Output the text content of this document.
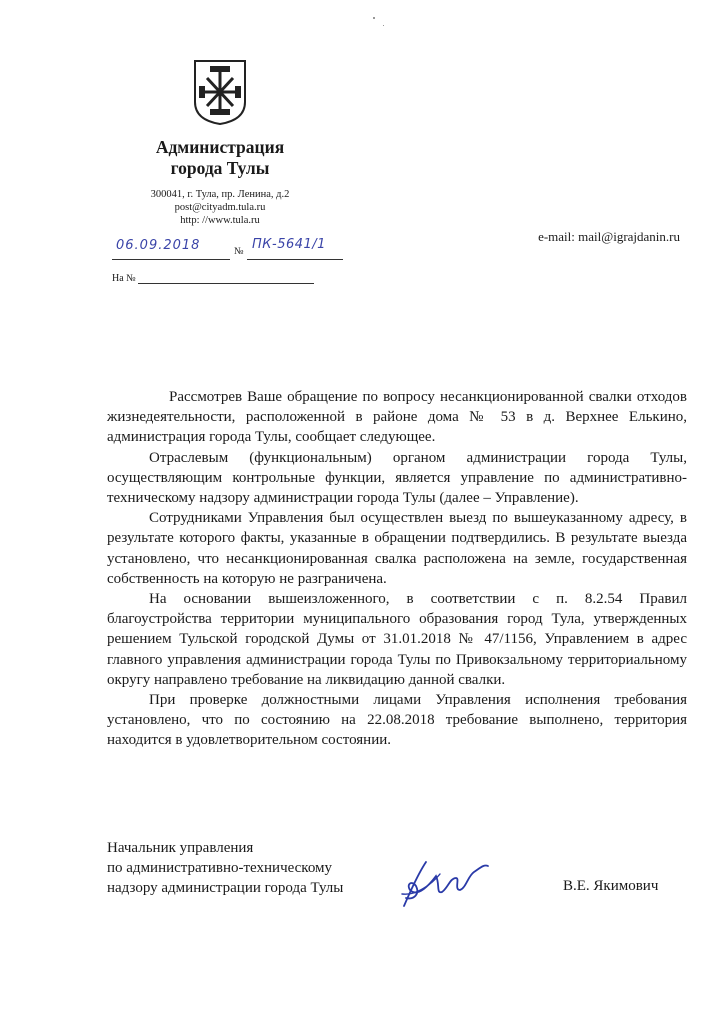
Администрация
города Тулы
300041, г. Тула, пр. Ленина, д.2
post@cityadm.tula.ru
http: //www.tula.ru
e-mail: mail@igrajdanin.ru
06.09.2018	№ ПК-5641/1
На №

Рассмотрев Ваше обращение по вопросу несанкционированной свалки отходов жизнедеятельности, расположенной в районе дома № 53 в д. Верхнее Елькино, администрация города Тулы, сообщает следующее.

Отраслевым (функциональным) органом администрации города Тулы, осуществляющим контрольные функции, является управление по административно-техническому надзору администрации города Тулы (далее – Управление).

Сотрудниками Управления был осуществлен выезд по вышеуказанному адресу, в результате которого факты, указанные в обращении подтвердились. В результате выезда установлено, что несанкционированная свалка расположена на земле, государственная собственность на которую не разграничена.

На основании вышеизложенного, в соответствии с п. 8.2.54 Правил благоустройства территории муниципального образования город Тула, утвержденных решением Тульской городской Думы от 31.01.2018 № 47/1156, Управлением в адрес главного управления администрации города Тулы по Привокзальному территориальному округу направлено требование на ликвидацию данной свалки.

При проверке должностными лицами Управления исполнения требования установлено, что по состоянию на 22.08.2018 требование выполнено, территория находится в удовлетворительном состоянии.

Начальник управления
по административно-техническому
надзору администрации города Тулы	В.Е. Якимович
